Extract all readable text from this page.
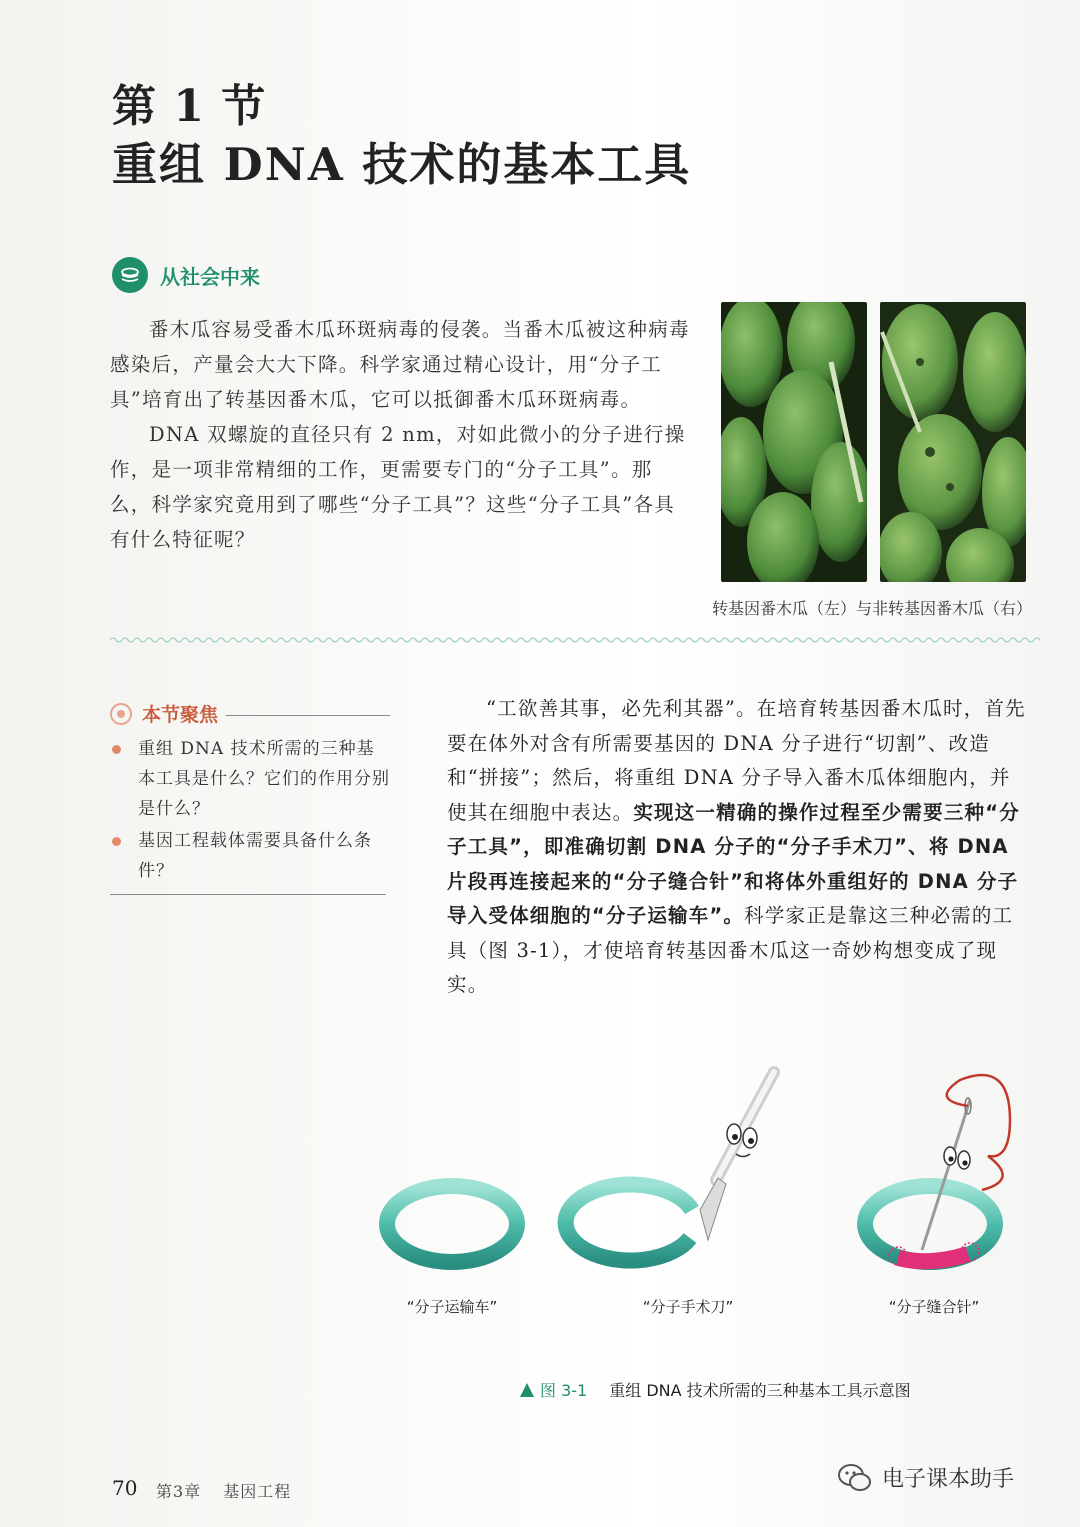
第 1 节
重组 DNA 技术的基本工具
从社会中来

番木瓜容易受番木瓜环斑病毒的侵袭。当番木瓜被这种病毒感染后，产量会大大下降。科学家通过精心设计，用“分子工具”培育出了转基因番木瓜，它可以抵御番木瓜环斑病毒。

DNA 双螺旋的直径只有 2 nm，对如此微小的分子进行操作，是一项非常精细的工作，更需要专门的“分子工具”。那么，科学家究竟用到了哪些“分子工具”？这些“分子工具”各具有什么特征呢？

转基因番木瓜（左）与非转基因番木瓜（右）
本节聚焦
重组 DNA 技术所需的三种基本工具是什么？它们的作用分别是什么？
基因工程载体需要具备什么条件？

“工欲善其事，必先利其器”。在培育转基因番木瓜时，首先要在体外对含有所需要基因的 DNA 分子进行“切割”、改造和“拼接”；然后，将重组 DNA 分子导入番木瓜体细胞内，并使其在细胞中表达。实现这一精确的操作过程至少需要三种“分子工具”，即准确切割 DNA 分子的“分子手术刀”、将 DNA 片段再连接起来的“分子缝合针”和将体外重组好的 DNA 分子导入受体细胞的“分子运输车”。科学家正是靠这三种必需的工具（图 3-1），才使培育转基因番木瓜这一奇妙构想变成了现实。

“分子运输车”	“分子手术刀”	“分子缝合针”
图 3-1 重组 DNA 技术所需的三种基本工具示意图
70 第3章 基因工程	电子课本助手
